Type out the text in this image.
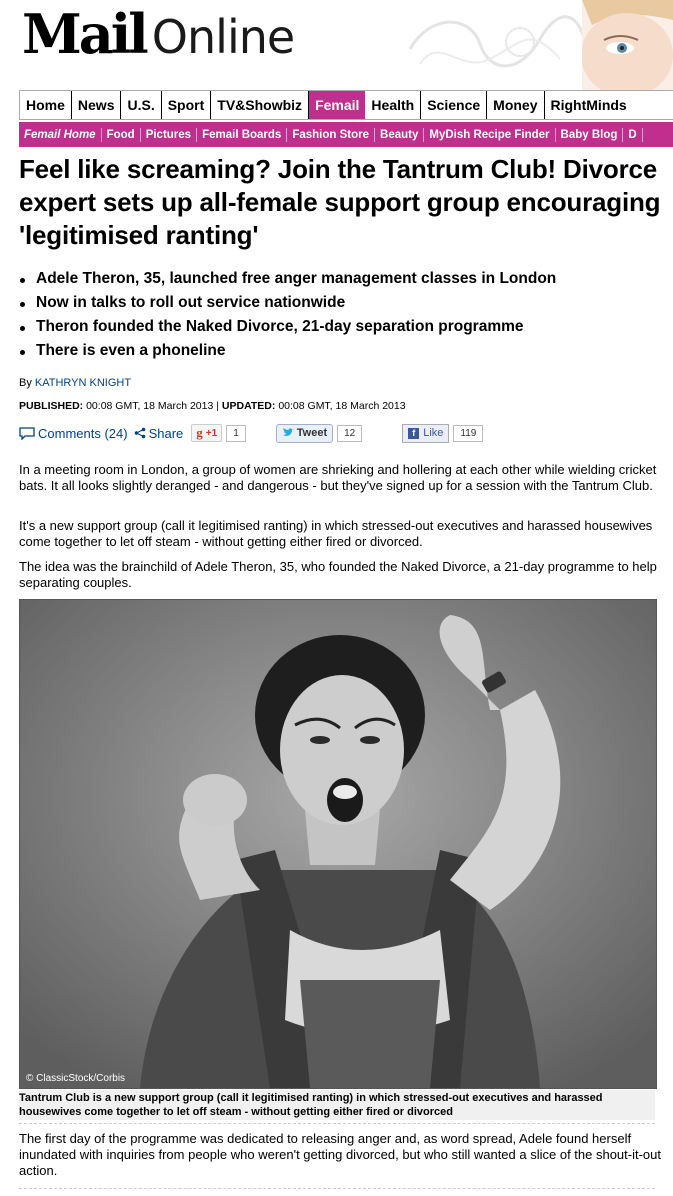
Mail Online
Home News U.S. Sport TV&Showbiz Femail Health Science Money RightMinds
Femail Home Food Pictures Femail Boards Fashion Store Beauty MyDish Recipe Finder Baby Blog D
Feel like screaming? Join the Tantrum Club! Divorce expert sets up all-female support group encouraging 'legitimised ranting'
Adele Theron, 35, launched free anger management classes in London
Now in talks to roll out service nationwide
Theron founded the Naked Divorce, 21-day separation programme
There is even a phoneline
By KATHRYN KNIGHT
PUBLISHED: 00:08 GMT, 18 March 2013 | UPDATED: 00:08 GMT, 18 March 2013
Comments (24) Share g +1	1	Tweet	12	f Like	119

In a meeting room in London, a group of women are shrieking and hollering at each other while wielding cricket bats. It all looks slightly deranged - and dangerous - but they've signed up for a session with the Tantrum Club.

It's a new support group (call it legitimised ranting) in which stressed-out executives and harassed housewives come together to let off steam - without getting either fired or divorced.

The idea was the brainchild of Adele Theron, 35, who founded the Naked Divorce, a 21-day programme to help separating couples.

© ClassicStock/Corbis

Tantrum Club is a new support group (call it legitimised ranting) in which stressed-out executives and harassed housewives come together to let off steam - without getting either fired or divorced

The first day of the programme was dedicated to releasing anger and, as word spread, Adele found herself inundated with inquiries from people who weren't getting divorced, but who still wanted a slice of the shout-it-out action.
